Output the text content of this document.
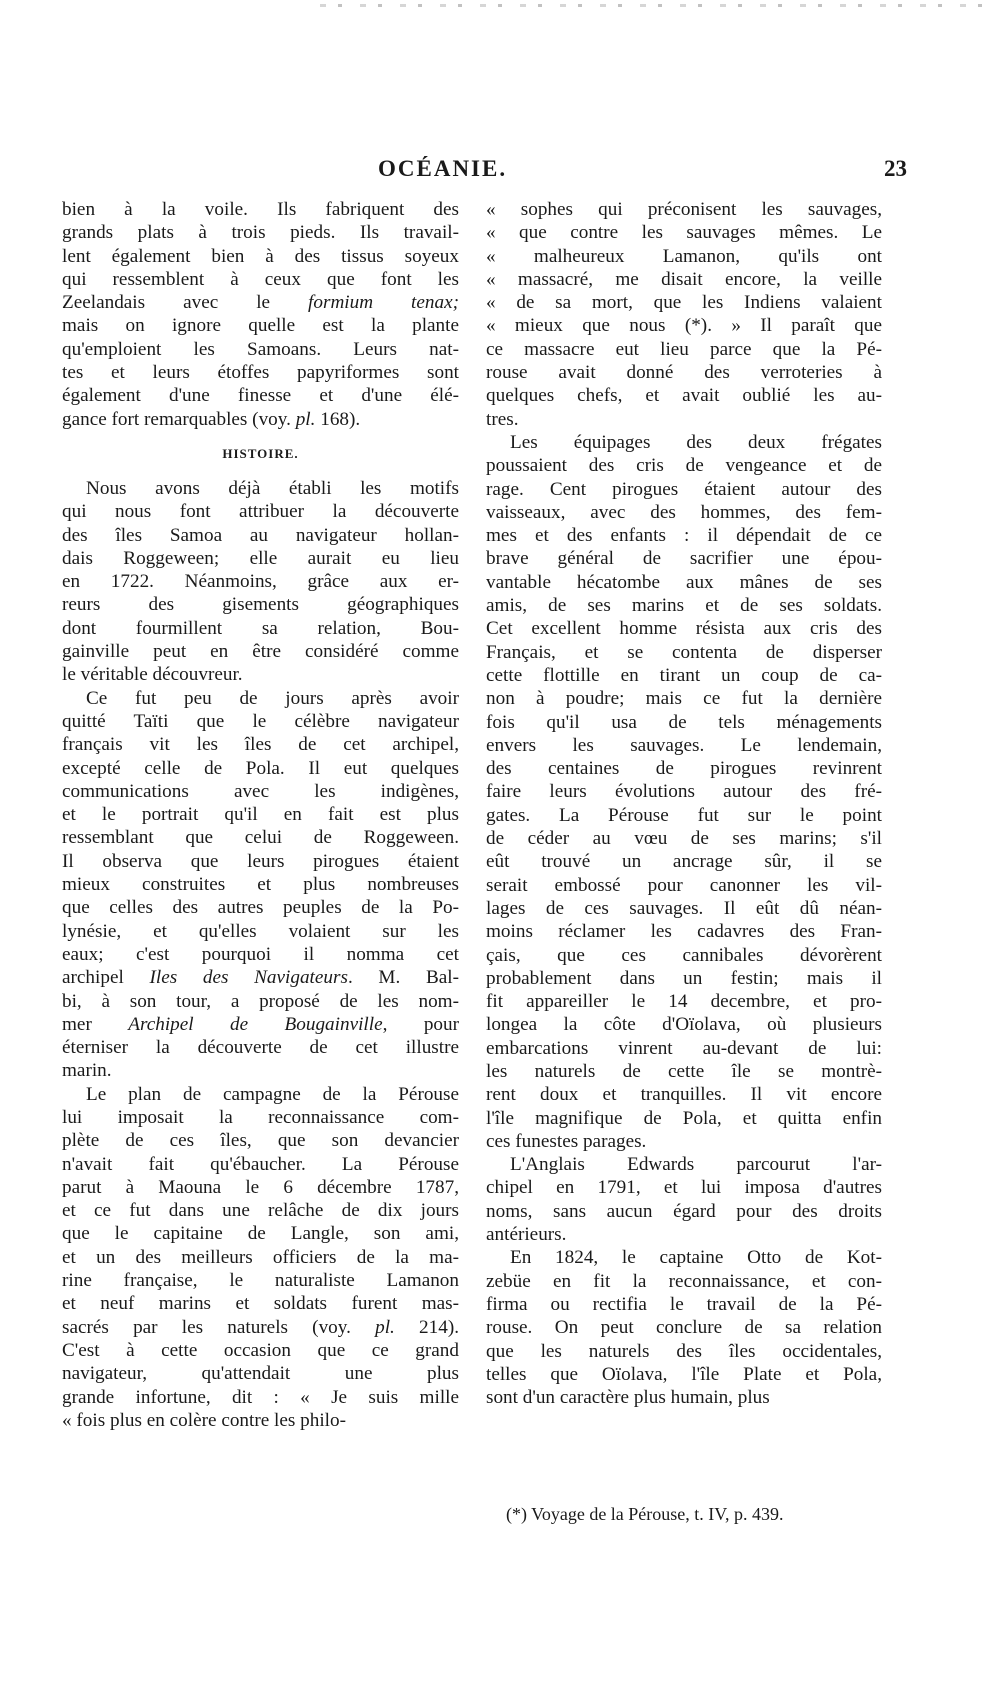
OCÉANIE.	23
bien à la voile. Ils fabriquent des
grands plats à trois pieds. Ils travail-
lent également bien à des tissus soyeux
qui ressemblent à ceux que font les
Zeelandais avec le formium tenax;
mais on ignore quelle est la plante
qu'emploient les Samoans. Leurs nat-
tes et leurs étoffes papyriformes sont
également d'une finesse et d'une élé-
gance fort remarquables (voy. pl. 168).
HISTOIRE.
Nous avons déjà établi les motifs
qui nous font attribuer la découverte
des îles Samoa au navigateur hollan-
dais Roggeween; elle aurait eu lieu
en 1722. Néanmoins, grâce aux er-
reurs des gisements géographiques
dont fourmillent sa relation, Bou-
gainville peut en être considéré comme
le véritable découvreur.
Ce fut peu de jours après avoir
quitté Taïti que le célèbre navigateur
français vit les îles de cet archipel,
excepté celle de Pola. Il eut quelques
communications avec les indigènes,
et le portrait qu'il en fait est plus
ressemblant que celui de Roggeween.
Il observa que leurs pirogues étaient
mieux construites et plus nombreuses
que celles des autres peuples de la Po-
lynésie, et qu'elles volaient sur les
eaux; c'est pourquoi il nomma cet
archipel Iles des Navigateurs. M. Bal-
bi, à son tour, a proposé de les nom-
mer Archipel de Bougainville, pour
éterniser la découverte de cet illustre
marin.
Le plan de campagne de la Pérouse
lui imposait la reconnaissance com-
plète de ces îles, que son devancier
n'avait fait qu'ébaucher. La Pérouse
parut à Maouna le 6 décembre 1787,
et ce fut dans une relâche de dix jours
que le capitaine de Langle, son ami,
et un des meilleurs officiers de la ma-
rine française, le naturaliste Lamanon
et neuf marins et soldats furent mas-
sacrés par les naturels (voy. pl. 214).
C'est à cette occasion que ce grand
navigateur, qu'attendait une plus
grande infortune, dit : « Je suis mille
« fois plus en colère contre les philo-
« sophes qui préconisent les sauvages,
« que contre les sauvages mêmes. Le
« malheureux Lamanon, qu'ils ont
« massacré, me disait encore, la veille
« de sa mort, que les Indiens valaient
« mieux que nous (*). » Il paraît que
ce massacre eut lieu parce que la Pé-
rouse avait donné des verroteries à
quelques chefs, et avait oublié les au-
tres.
Les équipages des deux frégates
poussaient des cris de vengeance et de
rage. Cent pirogues étaient autour des
vaisseaux, avec des hommes, des fem-
mes et des enfants : il dépendait de ce
brave général de sacrifier une épou-
vantable hécatombe aux mânes de ses
amis, de ses marins et de ses soldats.
Cet excellent homme résista aux cris des
Français, et se contenta de disperser
cette flottille en tirant un coup de ca-
non à poudre; mais ce fut la dernière
fois qu'il usa de tels ménagements
envers les sauvages. Le lendemain,
des centaines de pirogues revinrent
faire leurs évolutions autour des fré-
gates. La Pérouse fut sur le point
de céder au vœu de ses marins; s'il
eût trouvé un ancrage sûr, il se
serait embossé pour canonner les vil-
lages de ces sauvages. Il eût dû néan-
moins réclamer les cadavres des Fran-
çais, que ces cannibales dévorèrent
probablement dans un festin; mais il
fit appareiller le 14 decembre, et pro-
longea la côte d'Oïolava, où plusieurs
embarcations vinrent au-devant de lui:
les naturels de cette île se montrè-
rent doux et tranquilles. Il vit encore
l'île magnifique de Pola, et quitta enfin
ces funestes parages.
L'Anglais Edwards parcourut l'ar-
chipel en 1791, et lui imposa d'autres
noms, sans aucun égard pour des droits
antérieurs.
En 1824, le captaine Otto de Kot-
zebüe en fit la reconnaissance, et con-
firma ou rectifia le travail de la Pé-
rouse. On peut conclure de sa relation
que les naturels des îles occidentales,
telles que Oïolava, l'île Plate et Pola,
sont d'un caractère plus humain, plus
(*) Voyage de la Pérouse, t. IV, p. 439.
